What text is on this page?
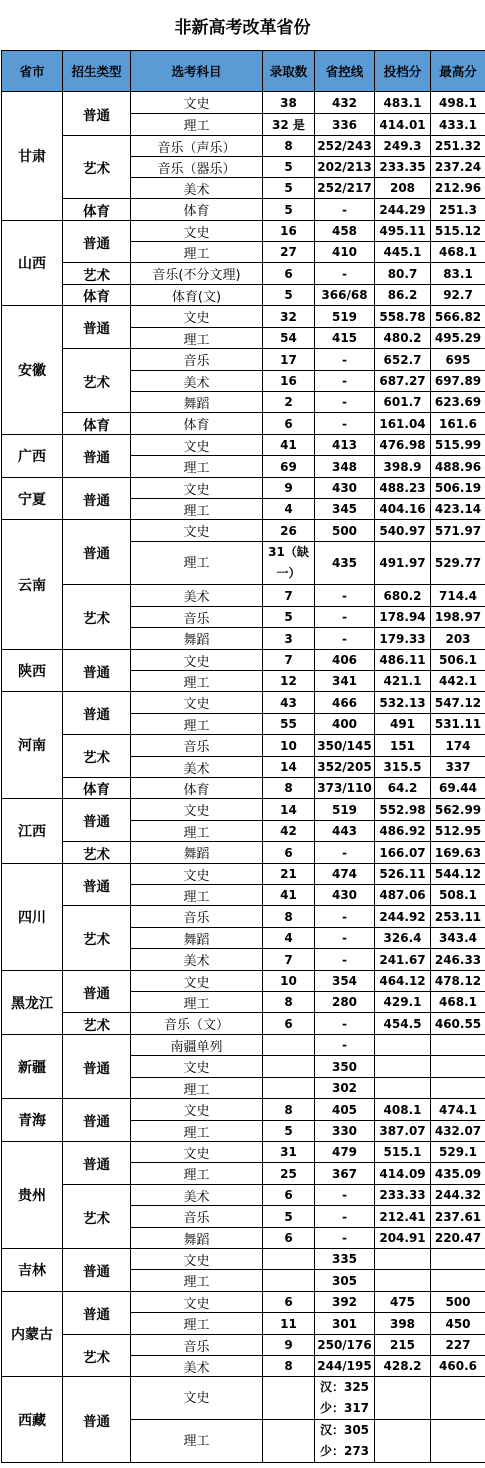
非新高考改革省份
省市	招生类型	选考科目	录取数	省控线	投档分	最高分
甘肃	普通	文史	38	432	483.1	498.1
		理工	32 是	336	414.01	433.1
	艺术	音乐（声乐）	8	252/243	249.3	251.32
		音乐（器乐）	5	202/213	233.35	237.24
		美术	5	252/217	208	212.96
	体育	体育	5	-	244.29	251.3
山西	普通	文史	16	458	495.11	515.12
		理工	27	410	445.1	468.1
	艺术	音乐(不分文理)	6	-	80.7	83.1
	体育	体育(文)	5	366/68	86.2	92.7
安徽	普通	文史	32	519	558.78	566.82
		理工	54	415	480.2	495.29
	艺术	音乐	17	-	652.7	695
		美术	16	-	687.27	697.89
		舞蹈	2	-	601.7	623.69
	体育	体育	6	-	161.04	161.6
广西	普通	文史	41	413	476.98	515.99
		理工	69	348	398.9	488.96
宁夏	普通	文史	9	430	488.23	506.19
		理工	4	345	404.16	423.14
云南	普通	文史	26	500	540.97	571.97
		理工	31（缺一）	435	491.97	529.77
	艺术	美术	7	-	680.2	714.4
		音乐	5	-	178.94	198.97
		舞蹈	3	-	179.33	203
陕西	普通	文史	7	406	486.11	506.1
		理工	12	341	421.1	442.1
河南	普通	文史	43	466	532.13	547.12
		理工	55	400	491	531.11
	艺术	音乐	10	350/145	151	174
		美术	14	352/205	315.5	337
	体育	体育	8	373/110	64.2	69.44
江西	普通	文史	14	519	552.98	562.99
		理工	42	443	486.92	512.95
	艺术	舞蹈	6	-	166.07	169.63
四川	普通	文史	21	474	526.11	544.12
		理工	41	430	487.06	508.1
	艺术	音乐	8	-	244.92	253.11
		舞蹈	4	-	326.4	343.4
		美术	7	-	241.67	246.33
黑龙江	普通	文史	10	354	464.12	478.12
		理工	8	280	429.1	468.1
	艺术	音乐（文）	6	-	454.5	460.55
新疆	普通	南疆单列		-		
		文史		350		
		理工		302		
青海	普通	文史	8	405	408.1	474.1
		理工	5	330	387.07	432.07
贵州	普通	文史	31	479	515.1	529.1
		理工	25	367	414.09	435.09
	艺术	美术	6	-	233.33	244.32
		音乐	5	-	212.41	237.61
		舞蹈	6	-	204.91	220.47
吉林	普通	文史		335		
		理工		305		
内蒙古	普通	文史	6	392	475	500
		理工	11	301	398	450
	艺术	音乐	9	250/176	215	227
		美术	8	244/195	428.2	460.6
西藏	普通	文史		汉：325 少：317		
		理工		汉：305 少：273		
